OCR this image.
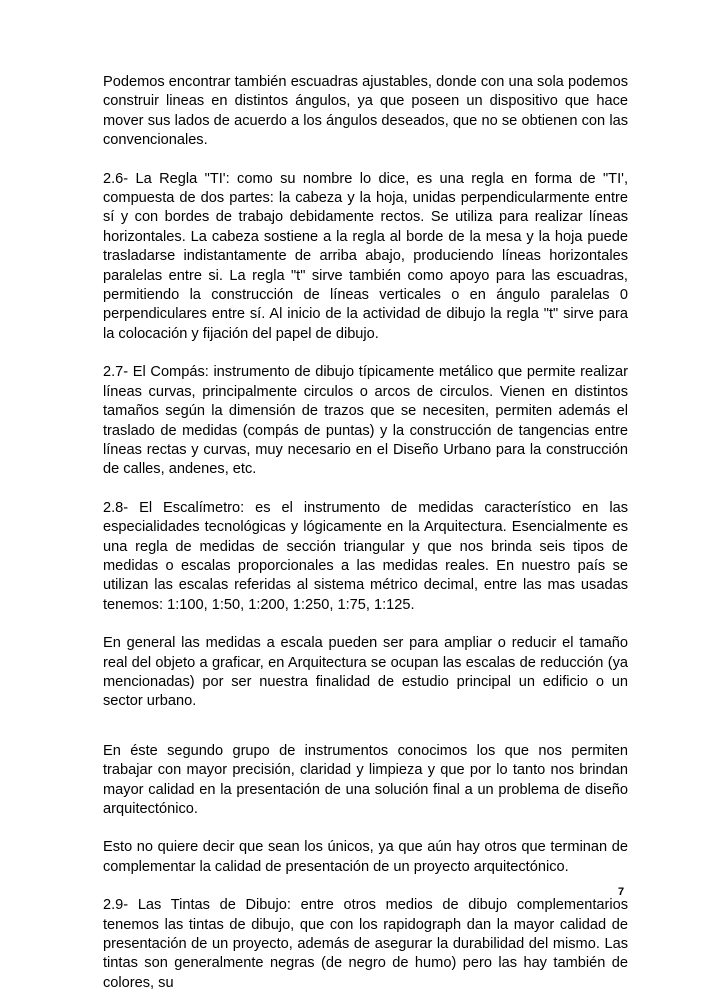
Podemos encontrar también escuadras ajustables, donde con una sola podemos construir lineas en distintos ángulos, ya que poseen un dispositivo que hace mover sus lados de acuerdo a los ángulos deseados, que no se obtienen con las convencionales.

2.6- La Regla "TI': como su nombre lo dice, es una regla en forma de "TI', compuesta de dos partes: la cabeza y la hoja, unidas perpendicularmente entre sí y con bordes de trabajo debidamente rectos. Se utiliza para realizar líneas horizontales. La cabeza sostiene a la regla al borde de la mesa y la hoja puede trasladarse indistantamente de arriba abajo, produciendo líneas horizontales paralelas entre si. La regla "t" sirve también como apoyo para las escuadras, permitiendo la construcción de líneas verticales o en ángulo paralelas 0 perpendiculares entre sí. Al inicio de la actividad de dibujo la regla "t" sirve para la colocación y fijación del papel de dibujo.

2.7- El Compás: instrumento de dibujo típicamente metálico que permite realizar líneas curvas, principalmente circulos o arcos de circulos. Vienen en distintos tamaños según la dimensión de trazos que se necesiten, permiten además el traslado de medidas (compás de puntas) y la construcción de tangencias entre líneas rectas y curvas, muy necesario en el Diseño Urbano para la construcción de calles, andenes, etc.

2.8- El Escalímetro: es el instrumento de medidas característico en las especialidades tecnológicas y lógicamente en la Arquitectura. Esencialmente es una regla de medidas de sección triangular y que nos brinda seis tipos de medidas o escalas proporcionales a las medidas reales. En nuestro país se utilizan las escalas referidas al sistema métrico decimal, entre las mas usadas tenemos: 1:100, 1:50, 1:200, 1:250, 1:75, 1:125.

En general las medidas a escala pueden ser para ampliar o reducir el tamaño real del objeto a graficar, en Arquitectura se ocupan las escalas de reducción (ya mencionadas) por ser nuestra finalidad de estudio principal un edificio o un sector urbano.

En éste segundo grupo de instrumentos conocimos los que nos permiten trabajar con mayor precisión, claridad y limpieza y que por lo tanto nos brindan mayor calidad en la presentación de una solución final a un problema de diseño arquitectónico.

Esto no quiere decir que sean los únicos, ya que aún hay otros que terminan de complementar la calidad de presentación de un proyecto arquitectónico.

2.9- Las Tintas de Dibujo: entre otros medios de dibujo complementarios tenemos las tintas de dibujo, que con los rapidograph dan la mayor calidad de presentación de un proyecto, además de asegurar la durabilidad del mismo. Las tintas son generalmente negras (de negro de humo) pero las hay también de colores, su

7
